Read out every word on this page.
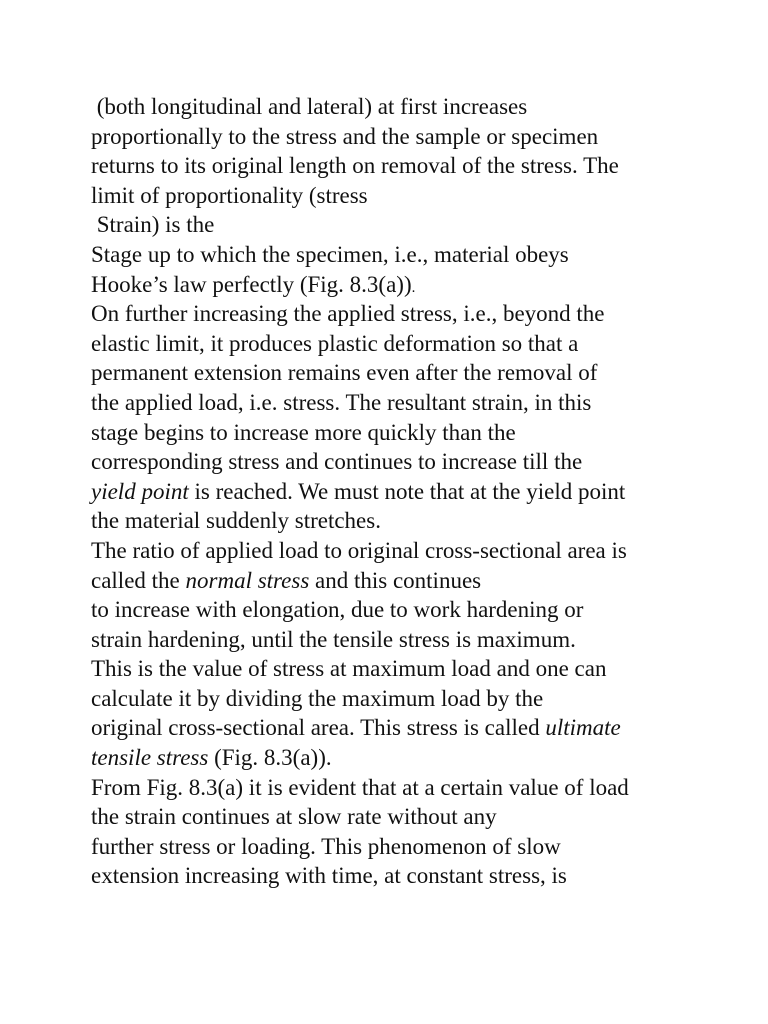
(both longitudinal and lateral) at first increases
proportionally to the stress and the sample or specimen
returns to its original length on removal of the stress. The
limit of proportionality (stress
Strain) is the
Stage up to which the specimen, i.e., material obeys
Hooke’s law perfectly (Fig. 8.3(a)).
On further increasing the applied stress, i.e., beyond the
elastic limit, it produces plastic deformation so that a
permanent extension remains even after the removal of
the applied load, i.e. stress. The resultant strain, in this
stage begins to increase more quickly than the
corresponding stress and continues to increase till the
yield point is reached. We must note that at the yield point
the material suddenly stretches.
The ratio of applied load to original cross-sectional area is
called the normal stress and this continues
to increase with elongation, due to work hardening or
strain hardening, until the tensile stress is maximum.
This is the value of stress at maximum load and one can
calculate it by dividing the maximum load by the
original cross-sectional area. This stress is called ultimate
tensile stress (Fig. 8.3(a)).
From Fig. 8.3(a) it is evident that at a certain value of load
the strain continues at slow rate without any
further stress or loading. This phenomenon of slow
extension increasing with time, at constant stress, is
